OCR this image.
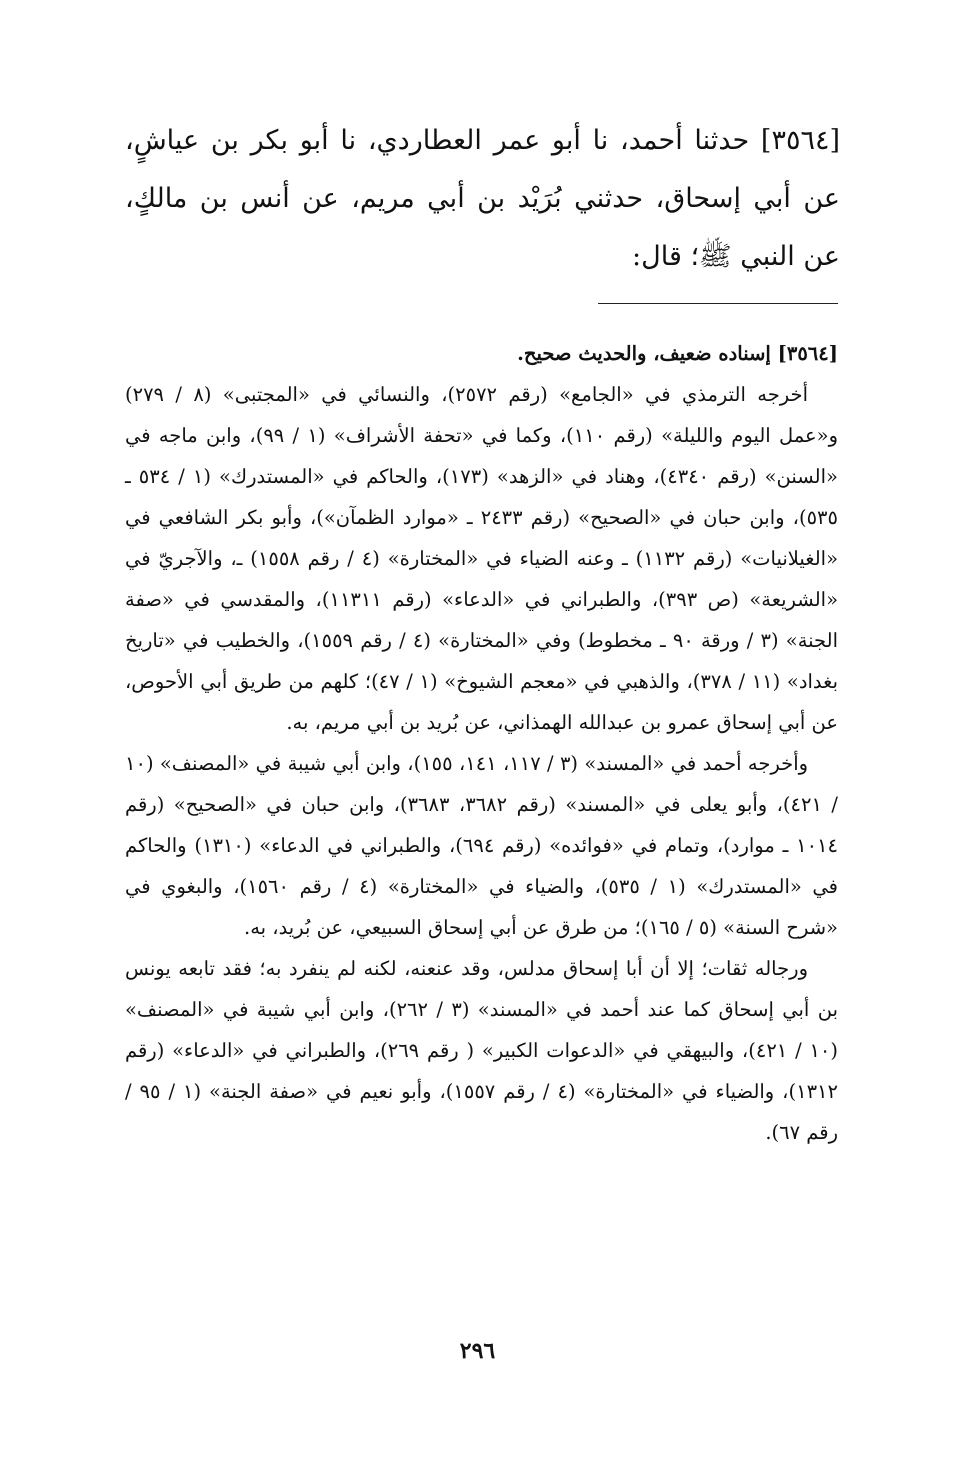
[٣٥٦٤] حدثنا أحمد، نا أبو عمر العطاردي، نا أبو بكر بن عياشٍ، عن أبي إسحاق، حدثني بُرَيْد بن أبي مريم، عن أنس بن مالكٍ، عن النبي ﷺ؛ قال:

[٣٥٦٤] إسناده ضعيف، والحديث صحيح.

أخرجه الترمذي في «الجامع» (رقم ٢٥٧٢)، والنسائي في «المجتبى» (٨ / ٢٧٩) و«عمل اليوم والليلة» (رقم ١١٠)، وكما في «تحفة الأشراف» (١ / ٩٩)، وابن ماجه في «السنن» (رقم ٤٣٤٠)، وهناد في «الزهد» (١٧٣)، والحاكم في «المستدرك» (١ / ٥٣٤ ـ ٥٣٥)، وابن حبان في «الصحيح» (رقم ٢٤٣٣ ـ «موارد الظمآن»)، وأبو بكر الشافعي في «الغيلانيات» (رقم ١١٣٢) ـ وعنه الضياء في «المختارة» (٤ / رقم ١٥٥٨) ـ، والآجريّ في «الشريعة» (ص ٣٩٣)، والطبراني في «الدعاء» (رقم ١١٣١١)، والمقدسي في «صفة الجنة» (٣ / ورقة ٩٠ ـ مخطوط) وفي «المختارة» (٤ / رقم ١٥٥٩)، والخطيب في «تاريخ بغداد» (١١ / ٣٧٨)، والذهبي في «معجم الشيوخ» (١ / ٤٧)؛ كلهم من طريق أبي الأحوص، عن أبي إسحاق عمرو بن عبدالله الهمذاني، عن بُريد بن أبي مريم، به.

وأخرجه أحمد في «المسند» (٣ / ١١٧، ١٤١، ١٥٥)، وابن أبي شيبة في «المصنف» (١٠ / ٤٢١)، وأبو يعلى في «المسند» (رقم ٣٦٨٢، ٣٦٨٣)، وابن حبان في «الصحيح» (رقم ١٠١٤ ـ موارد)، وتمام في «فوائده» (رقم ٦٩٤)، والطبراني في الدعاء» (١٣١٠) والحاكم في «المستدرك» (١ / ٥٣٥)، والضياء في «المختارة» (٤ / رقم ١٥٦٠)، والبغوي في «شرح السنة» (٥ / ١٦٥)؛ من طرق عن أبي إسحاق السبيعي، عن بُريد، به.

ورجاله ثقات؛ إلا أن أبا إسحاق مدلس، وقد عنعنه، لكنه لم ينفرد به؛ فقد تابعه يونس بن أبي إسحاق كما عند أحمد في «المسند» (٣ / ٢٦٢)، وابن أبي شيبة في «المصنف» (١٠ / ٤٢١)، والبيهقي في «الدعوات الكبير» ( رقم ٢٦٩)، والطبراني في «الدعاء» (رقم ١٣١٢)، والضياء في «المختارة» (٤ / رقم ١٥٥٧)، وأبو نعيم في «صفة الجنة» (١ / ٩٥ / رقم ٦٧).

٢٩٦
